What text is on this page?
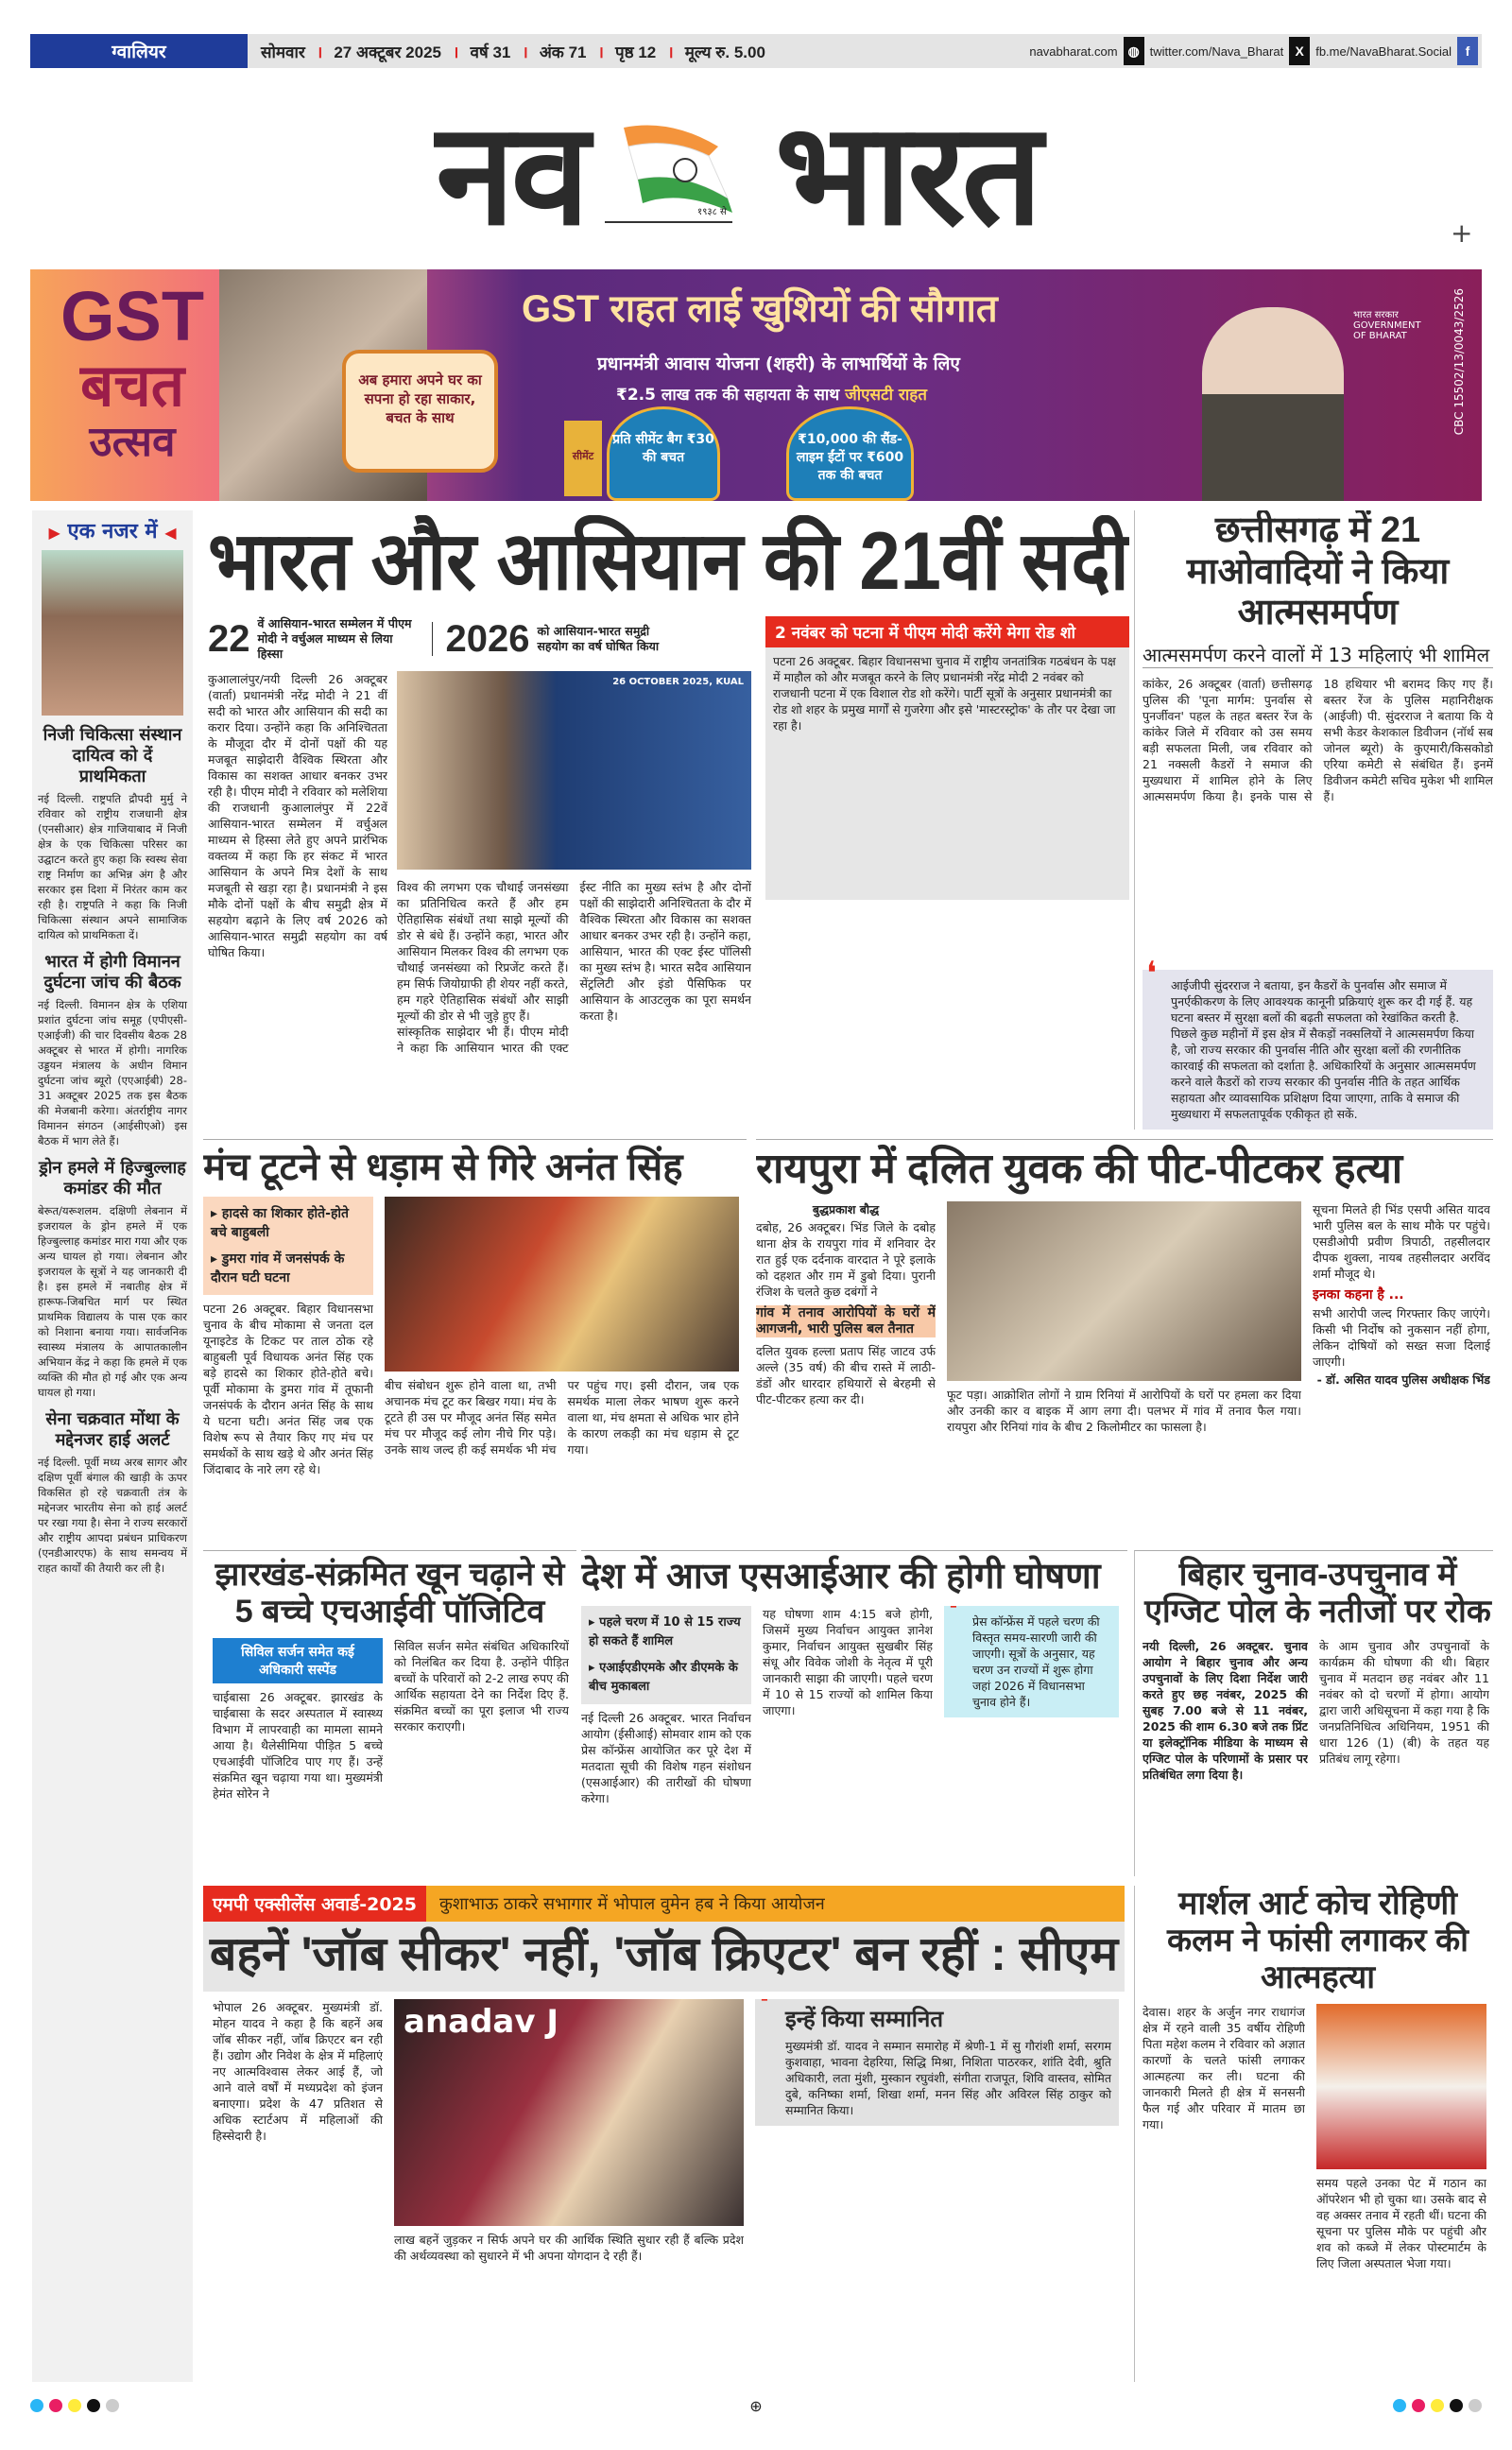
ग्वालियर	सोमवार । 27 अक्टूबर 2025 । वर्ष 31 । अंक 71 । पृष्ठ 12 । मूल्य रु. 5.00	navabharat.com ◍ twitter.com/Nava_Bharat X fb.me/NavaBharat.Social	f
नव	१९३८ से भारत	+
GST
बचत
उत्सव
अब हमारा अपने घर का सपना हो रहा साकार, बचत के साथ
GST राहत लाई खुशियों की सौगात
प्रधानमंत्री आवास योजना (शहरी) के लाभार्थियों के लिए
₹2.5 लाख तक की सहायता के साथ जीएसटी राहत
सीमेंट
प्रति सीमेंट बैग ₹30 की बचत
₹10,000 की सैंड-लाइम ईंटों पर ₹600 तक की बचत
भारत सरकार GOVERNMENT OF BHARAT	CBC 15502/13/0043/2526
▶ एक नजर में ◀
निजी चिकित्सा संस्थान दायित्व को दें प्राथमिकता

नई दिल्ली. राष्ट्रपति द्रौपदी मुर्मु ने रविवार को राष्ट्रीय राजधानी क्षेत्र (एनसीआर) क्षेत्र गाजियाबाद में निजी क्षेत्र के एक चिकित्सा परिसर का उद्घाटन करते हुए कहा कि स्वस्थ सेवा राष्ट्र निर्माण का अभिन्न अंग है और सरकार इस दिशा में निरंतर काम कर रही है। राष्ट्रपति ने कहा कि निजी चिकित्सा संस्थान अपने सामाजिक दायित्व को प्राथमिकता दें।

भारत में होगी विमानन दुर्घटना जांच की बैठक

नई दिल्ली. विमानन क्षेत्र के एशिया प्रशांत दुर्घटना जांच समूह (एपीएसी-एआईजी) की चार दिवसीय बैठक 28 अक्टूबर से भारत में होगी। नागरिक उड्डयन मंत्रालय के अधीन विमान दुर्घटना जांच ब्यूरो (एएआईबी) 28-31 अक्टूबर 2025 तक इस बैठक की मेजबानी करेगा। अंतर्राष्ट्रीय नागर विमानन संगठन (आईसीएओ) इस बैठक में भाग लेते हैं।

ड्रोन हमले में हिज्बुल्लाह कमांडर की मौत

बेरूत/यरूशलम. दक्षिणी लेबनान में इजरायल के ड्रोन हमले में एक हिज्बुल्लाह कमांडर मारा गया और एक अन्य घायल हो गया। लेबनान और इजरायल के सूत्रों ने यह जानकारी दी है। इस हमले में नबातीह क्षेत्र में हारूफ-जिबचित मार्ग पर स्थित प्राथमिक विद्यालय के पास एक कार को निशाना बनाया गया। सार्वजनिक स्वास्थ्य मंत्रालय के आपातकालीन अभियान केंद्र ने कहा कि हमले में एक व्यक्ति की मौत हो गई और एक अन्य घायल हो गया।

सेना चक्रवात मोंथा के मद्देनजर हाई अलर्ट

नई दिल्ली. पूर्वी मध्य अरब सागर और दक्षिण पूर्वी बंगाल की खाड़ी के ऊपर विकसित हो रहे चक्रवाती तंत्र के मद्देनजर भारतीय सेना को हाई अलर्ट पर रखा गया है। सेना ने राज्य सरकारों और राष्ट्रीय आपदा प्रबंधन प्राधिकरण (एनडीआरएफ) के साथ समन्वय में राहत कार्यों की तैयारी कर ली है।

भारत और आसियान की 21वीं सदी
22 वें आसियान-भारत सम्मेलन में पीएम मोदी ने वर्चुअल माध्यम से लिया हिस्सा	2026 को आसियान-भारत समुद्री सहयोग का वर्ष घोषित किया

कुआलालंपुर/नयी दिल्ली 26 अक्टूबर (वार्ता) प्रधानमंत्री नरेंद्र मोदी ने 21 वीं सदी को भारत और आसियान की सदी का करार दिया। उन्होंने कहा कि अनिश्चितता के मौजूदा दौर में दोनों पक्षों की यह मजबूत साझेदारी वैश्विक स्थिरता और विकास का सशक्त आधार बनकर उभर रही है। पीएम मोदी ने रविवार को मलेशिया की राजधानी कुआलालंपुर में 22वें आसियान-भारत सम्मेलन में वर्चुअल माध्यम से हिस्सा लेते हुए अपने प्रारंभिक वक्तव्य में कहा कि हर संकट में भारत आसियान के अपने मित्र देशों के साथ मजबूती से खड़ा रहा है। प्रधानमंत्री ने इस मौके दोनों पक्षों के बीच समुद्री क्षेत्र में सहयोग बढ़ाने के लिए वर्ष 2026 को आसियान-भारत समुद्री सहयोग का वर्ष घोषित किया।

26 OCTOBER 2025, KUAL

विश्व की लगभग एक चौथाई जनसंख्या का प्रतिनिधित्व करते हैं और हम ऐतिहासिक संबंधों तथा साझे मूल्यों की डोर से बंधे हैं। उन्होंने कहा, भारत और आसियान मिलकर विश्व की लगभग एक चौथाई जनसंख्या को रिप्रजेंट करते हैं। हम सिर्फ जियोग्राफी ही शेयर नहीं करते, हम गहरे ऐतिहासिक संबंधों और साझी मूल्यों की डोर से भी जुड़े हुए हैं।

सांस्कृतिक साझेदार भी हैं। पीएम मोदी ने कहा कि आसियान भारत की एक्ट ईस्ट नीति का मुख्य स्तंभ है और दोनों पक्षों की साझेदारी अनिश्चितता के दौर में वैश्विक स्थिरता और विकास का सशक्त आधार बनकर उभर रही है। उन्होंने कहा, आसियान, भारत की एक्ट ईस्ट पॉलिसी का मुख्य स्तंभ है। भारत सदैव आसियान सेंट्रलिटी और इंडो पैसिफिक पर आसियान के आउटलुक का पूरा समर्थन करता है।

2 नवंबर को पटना में पीएम मोदी करेंगे मेगा रोड शो

पटना 26 अक्टूबर. बिहार विधानसभा चुनाव में राष्ट्रीय जनतांत्रिक गठबंधन के पक्ष में माहौल को और मजबूत करने के लिए प्रधानमंत्री नरेंद्र मोदी 2 नवंबर को राजधानी पटना में एक विशाल रोड शो करेंगे। पार्टी सूत्रों के अनुसार प्रधानमंत्री का रोड शो शहर के प्रमुख मार्गों से गुजरेगा और इसे 'मास्टरस्ट्रोक' के तौर पर देखा जा रहा है।

छत्तीसगढ़ में 21 माओवादियों ने किया आत्मसमर्पण
आत्मसमर्पण करने वालों में 13 महिलाएं भी शामिल

कांकेर, 26 अक्टूबर (वार्ता) छत्तीसगढ़ पुलिस की 'पूना मार्गम: पुनर्वास से पुनर्जीवन' पहल के तहत बस्तर रेंज के कांकेर जिले में रविवार को उस समय बड़ी सफलता मिली, जब रविवार को 21 नक्सली कैडरों ने समाज की मुख्यधारा में शामिल होने के लिए आत्मसमर्पण किया है। इनके पास से 18 हथियार भी बरामद किए गए हैं। बस्तर रेंज के पुलिस महानिरीक्षक (आईजी) पी. सुंदरराज ने बताया कि ये सभी केडर केशकाल डिवीजन (नॉर्थ सब जोनल ब्यूरो) के कुएमारी/किसकोडो एरिया कमेटी से संबंधित हैं। इनमें डिवीजन कमेटी सचिव मुकेश भी शामिल हैं।

❛ आईजीपी सुंदरराज ने बताया, इन कैडरों के पुनर्वास और समाज में पुनर्एकीकरण के लिए आवश्यक कानूनी प्रक्रियाएं शुरू कर दी गई हैं. यह घटना बस्तर में सुरक्षा बलों की बढ़ती सफलता को रेखांकित करती है. पिछले कुछ महीनों में इस क्षेत्र में सैकड़ों नक्सलियों ने आत्मसमर्पण किया है, जो राज्य सरकार की पुनर्वास नीति और सुरक्षा बलों की रणनीतिक कारवाई की सफलता को दर्शाता है. अधिकारियों के अनुसार आत्मसमर्पण करने वाले कैडरों को राज्य सरकार की पुनर्वास नीति के तहत आर्थिक सहायता और व्यावसायिक प्रशिक्षण दिया जाएगा, ताकि वे समाज की मुख्यधारा में सफलतापूर्वक एकीकृत हो सकें.
मंच टूटने से धड़ाम से गिरे अनंत सिंह
▸ हादसे का शिकार होते-होते बचे बाहुबली
▸ डुमरा गांव में जनसंपर्क के दौरान घटी घटना

पटना 26 अक्टूबर. बिहार विधानसभा चुनाव के बीच मोकामा से जनता दल यूनाइटेड के टिकट पर ताल ठोक रहे बाहुबली पूर्व विधायक अनंत सिंह एक बड़े हादसे का शिकार होते-होते बचे। पूर्वी मोकामा के डुमरा गांव में तूफानी जनसंपर्क के दौरान अनंत सिंह के साथ ये घटना घटी। अनंत सिंह जब एक विशेष रूप से तैयार किए गए मंच पर समर्थकों के साथ खड़े थे और अनंत सिंह जिंदाबाद के नारे लग रहे थे।

बीच संबोधन शुरू होने वाला था, तभी अचानक मंच टूट कर बिखर गया। मंच के टूटते ही उस पर मौजूद अनंत सिंह समेत मंच पर मौजूद कई लोग नीचे गिर पड़े। उनके साथ जल्द ही कई समर्थक भी मंच पर पहुंच गए। इसी दौरान, जब एक समर्थक माला लेकर भाषण शुरू करने वाला था, मंच क्षमता से अधिक भार होने के कारण लकड़ी का मंच धड़ाम से टूट गया।

रायपुरा में दलित युवक की पीट-पीटकर हत्या

बुद्धप्रकाश बौद्ध

दबोह, 26 अक्टूबर। भिंड जिले के दबोह थाना क्षेत्र के रायपुरा गांव में शनिवार देर रात हुई एक दर्दनाक वारदात ने पूरे इलाके को दहशत और ग़म में डुबो दिया। पुरानी रंजिश के चलते कुछ दबंगों ने

गांव में तनाव आरोपियों के घरों में आगजनी, भारी पुलिस बल तैनात

दलित युवक हल्ला प्रताप सिंह जाटव उर्फ अल्ले (35 वर्ष) की बीच रास्ते में लाठी-डंडों और धारदार हथियारों से बेरहमी से पीट-पीटकर हत्या कर दी।	फूट पड़ा। आक्रोशित लोगों ने ग्राम रिनियां में आरोपियों के घरों पर हमला कर दिया और उनकी कार व बाइक में आग लगा दी। पलभर में गांव में तनाव फैल गया। रायपुरा और रिनियां गांव के बीच 2 किलोमीटर का फासला है।

सूचना मिलते ही भिंड एसपी असित यादव भारी पुलिस बल के साथ मौके पर पहुंचे। एसडीओपी प्रवीण त्रिपाठी, तहसीलदार दीपक शुक्ला, नायब तहसीलदार अरविंद शर्मा मौजूद थे।

इनका कहना है ...

सभी आरोपी जल्द गिरफ्तार किए जाएंगे। किसी भी निर्दोष को नुकसान नहीं होगा, लेकिन दोषियों को सख्त सजा दिलाई जाएगी।

- डॉ. असित यादव पुलिस अधीक्षक भिंड

झारखंड-संक्रमित खून चढ़ाने से 5 बच्चे एचआईवी पॉजिटिव
सिविल सर्जन समेत कई अधिकारी सस्पेंड

चाईबासा 26 अक्टूबर. झारखंड के चाईबासा के सदर अस्पताल में स्वास्थ्य विभाग में लापरवाही का मामला सामने आया है। थैलेसीमिया पीड़ित 5 बच्चे एचआईवी पॉजिटिव पाए गए हैं। उन्हें संक्रमित खून चढ़ाया गया था। मुख्यमंत्री हेमंत सोरेन ने

सिविल सर्जन समेत संबंधित अधिकारियों को निलंबित कर दिया है. उन्होंने पीड़ित बच्चों के परिवारों को 2-2 लाख रुपए की आर्थिक सहायता देने का निर्देश दिए हैं. संक्रमित बच्चों का पूरा इलाज भी राज्य सरकार कराएगी।

देश में आज एसआईआर की होगी घोषणा
▸ पहले चरण में 10 से 15 राज्य हो सकते हैं शामिल
▸ एआईएडीएमके और डीएमके के बीच मुकाबला

नई दिल्ली 26 अक्टूबर. भारत निर्वाचन आयोग (ईसीआई) सोमवार शाम को एक प्रेस कॉन्फ्रेंस आयोजित कर पूरे देश में मतदाता सूची की विशेष गहन संशोधन (एसआईआर) की तारीखों की घोषणा करेगा।

यह घोषणा शाम 4:15 बजे होगी, जिसमें मुख्य निर्वाचन आयुक्त ज्ञानेश कुमार, निर्वाचन आयुक्त सुखबीर सिंह संधू और विवेक जोशी के नेतृत्व में पूरी जानकारी साझा की जाएगी। पहले चरण में 10 से 15 राज्यों को शामिल किया जाएगा।

❛ प्रेस कॉन्फ्रेंस में पहले चरण की विस्तृत समय-सारणी जारी की जाएगी। सूत्रों के अनुसार, यह चरण उन राज्यों में शुरू होगा जहां 2026 में विधानसभा चुनाव होने हैं।
बिहार चुनाव-उपचुनाव में एग्जिट पोल के नतीजों पर रोक

नयी दिल्ली, 26 अक्टूबर. चुनाव आयोग ने बिहार चुनाव और अन्य उपचुनावों के लिए दिशा निर्देश जारी करते हुए छह नवंबर, 2025 की सुबह 7.00 बजे से 11 नवंबर, 2025 की शाम 6.30 बजे तक प्रिंट या इलेक्ट्रॉनिक मीडिया के माध्यम से एग्जिट पोल के परिणामों के प्रसार पर प्रतिबंधित लगा दिया है।

के आम चुनाव और उपचुनावों के कार्यक्रम की घोषणा की थी। बिहार चुनाव में मतदान छह नवंबर और 11 नवंबर को दो चरणों में होगा। आयोग द्वारा जारी अधिसूचना में कहा गया है कि जनप्रतिनिधित्व अधिनियम, 1951 की धारा 126 (1) (बी) के तहत यह प्रतिबंध लागू रहेगा।

एमपी एक्सीलेंस अवार्ड-2025	कुशाभाऊ ठाकरे सभागार में भोपाल वुमेन हब ने किया आयोजन
बहनें 'जॉब सीकर' नहीं, 'जॉब क्रिएटर' बन रहीं : सीएम

भोपाल 26 अक्टूबर. मुख्यमंत्री डॉ. मोहन यादव ने कहा है कि बहनें अब जॉब सीकर नहीं, जॉब क्रिएटर बन रही हैं। उद्योग और निवेश के क्षेत्र में महिलाएं नए आत्मविश्वास लेकर आई हैं, जो आने वाले वर्षों में मध्यप्रदेश को इंजन बनाएगा। प्रदेश के 47 प्रतिशत से अधिक स्टार्टअप में महिलाओं की हिस्सेदारी है।

anadav J

लाख बहनें जुड़कर न सिर्फ अपने घर की आर्थिक स्थिति सुधार रही हैं बल्कि प्रदेश की अर्थव्यवस्था को सुधारने में भी अपना योगदान दे रही हैं।

❛ इन्हें किया सम्मानित

मुख्यमंत्री डॉ. यादव ने सम्मान समारोह में श्रेणी-1 में सु गौरांशी शर्मा, सरगम कुशवाहा, भावना देहरिया, सिद्धि मिश्रा, निशिता पाठरकर, शांति देवी, श्रुति अधिकारी, लता मुंशी, मुस्कान रघुवंशी, संगीता राजपूत, शिवि वास्तव, सोमित दुबे, कनिष्का शर्मा, शिखा शर्मा, मनन सिंह और अविरल सिंह ठाकुर को सम्मानित किया।

मार्शल आर्ट कोच रोहिणी कलम ने फांसी लगाकर की आत्महत्या

देवास। शहर के अर्जुन नगर राधागंज क्षेत्र में रहने वाली 35 वर्षीय रोहिणी पिता महेश कलम ने रविवार को अज्ञात कारणों के चलते फांसी लगाकर आत्महत्या कर ली। घटना की जानकारी मिलते ही क्षेत्र में सनसनी फैल गई और परिवार में मातम छा गया।

समय पहले उनका पेट में गठान का ऑपरेशन भी हो चुका था। उसके बाद से वह अक्सर तनाव में रहती थीं। घटना की सूचना पर पुलिस मौके पर पहुंची और शव को कब्जे में लेकर पोस्टमार्टम के लिए जिला अस्पताल भेजा गया।

⊕
